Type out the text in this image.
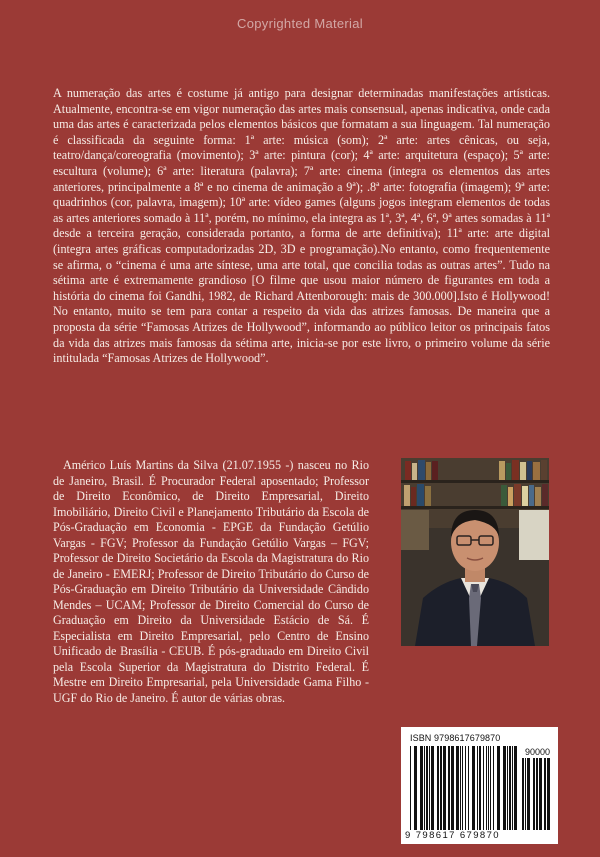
Copyrighted Material

A numeração das artes é costume já antigo para designar determinadas manifestações artísticas. Atualmente, encontra-se em vigor numeração das artes mais consensual, apenas indicativa, onde cada uma das artes é caracterizada pelos elementos básicos que formatam a sua linguagem. Tal numeração é classificada da seguinte forma: 1ª arte: música (som); 2ª arte: artes cênicas, ou seja, teatro/dança/coreografia (movimento); 3ª arte: pintura (cor); 4ª arte: arquitetura (espaço); 5ª arte: escultura (volume); 6ª arte: literatura (palavra); 7ª arte: cinema (integra os elementos das artes anteriores, principalmente a 8ª e no cinema de animação a 9ª); .8ª arte: fotografia (imagem); 9ª arte: quadrinhos (cor, palavra, imagem); 10ª arte: vídeo games (alguns jogos integram elementos de todas as artes anteriores somado à 11ª, porém, no mínimo, ela integra as 1ª, 3ª, 4ª, 6ª, 9ª artes somadas à 11ª desde a terceira geração, considerada portanto, a forma de arte definitiva); 11ª arte: arte digital (integra artes gráficas computadorizadas 2D, 3D e programação).No entanto, como frequentemente se afirma, o “cinema é uma arte síntese, uma arte total, que concilia todas as outras artes”. Tudo na sétima arte é extremamente grandioso [O filme que usou maior número de figurantes em toda a história do cinema foi Gandhi, 1982, de Richard Attenborough: mais de 300.000].Isto é Hollywood! No entanto, muito se tem para contar a respeito da vida das atrizes famosas. De maneira que a proposta da série “Famosas Atrizes de Hollywood”, informando ao público leitor os principais fatos da vida das atrizes mais famosas da sétima arte, inicia-se por este livro, o primeiro volume da série intitulada “Famosas Atrizes de Hollywood”.

Américo Luís Martins da Silva (21.07.1955 -) nasceu no Rio de Janeiro, Brasil. É Procurador Federal aposentado; Professor de Direito Econômico, de Direito Empresarial, Direito Imobiliário, Direito Civil e Planejamento Tributário da Escola de Pós-Graduação em Economia - EPGE da Fundação Getúlio Vargas - FGV; Professor da Fundação Getúlio Vargas – FGV; Professor de Direito Societário da Escola da Magistratura do Rio de Janeiro - EMERJ; Professor de Direito Tributário do Curso de Pós-Graduação em Direito Tributário da Universidade Cândido Mendes – UCAM; Professor de Direito Comercial do Curso de Graduação em Direito da Universidade Estácio de Sá. É Especialista em Direito Empresarial, pelo Centro de Ensino Unificado de Brasília - CEUB. É pós-graduado em Direito Civil pela Escola Superior da Magistratura do Distrito Federal. É Mestre em Direito Empresarial, pela Universidade Gama Filho - UGF do Rio de Janeiro. É autor de várias obras.

ISBN 9798617679870
90000
9 798617 679870
